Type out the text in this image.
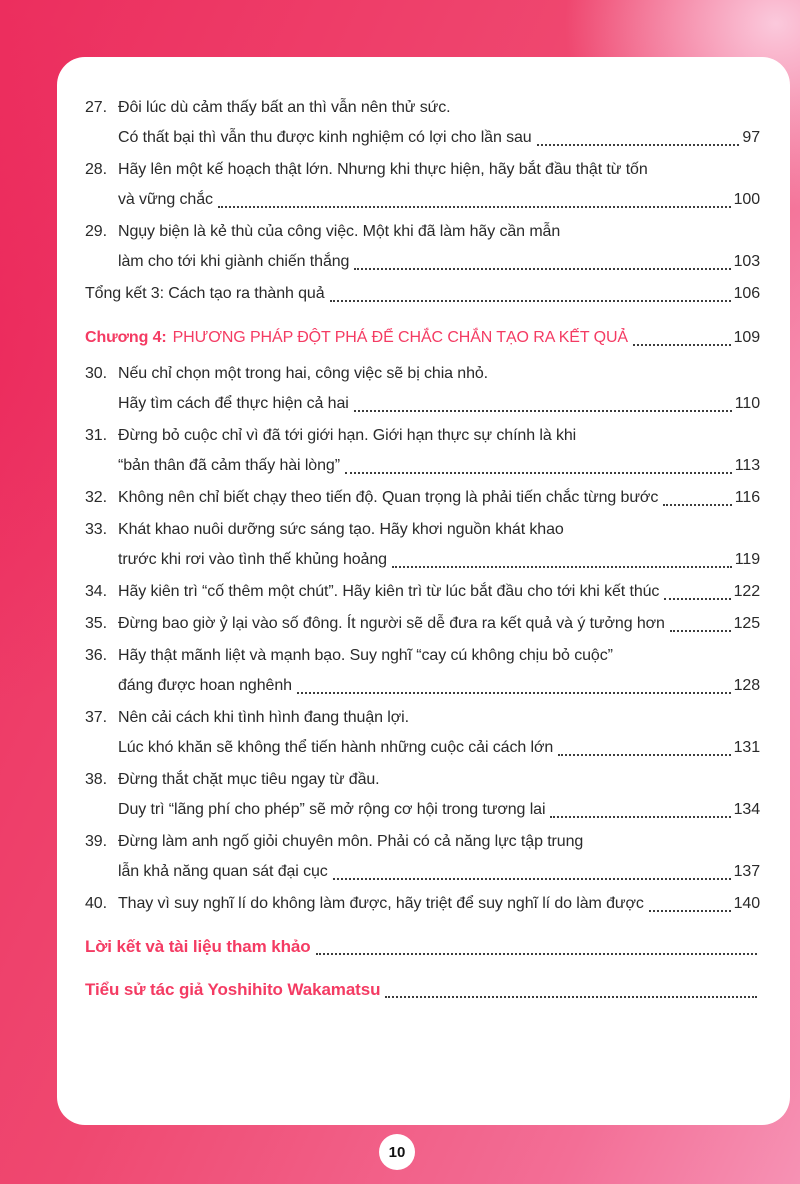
27. Đôi lúc dù cảm thấy bất an thì vẫn nên thử sức.
Có thất bại thì vẫn thu được kinh nghiệm có lợi cho lần sau	97
28. Hãy lên một kế hoạch thật lớn. Nhưng khi thực hiện, hãy bắt đầu thật từ tốn
và vững chắc	100
29. Ngụy biện là kẻ thù của công việc. Một khi đã làm hãy cần mẫn
làm cho tới khi giành chiến thắng	103
Tổng kết 3: Cách tạo ra thành quả	106
Chương 4: PHƯƠNG PHÁP ĐỘT PHÁ ĐỂ CHẮC CHẮN TẠO RA KẾT QUẢ	109
30. Nếu chỉ chọn một trong hai, công việc sẽ bị chia nhỏ.
Hãy tìm cách để thực hiện cả hai	110
31. Đừng bỏ cuộc chỉ vì đã tới giới hạn. Giới hạn thực sự chính là khi
“bản thân đã cảm thấy hài lòng”	113
32. Không nên chỉ biết chạy theo tiến độ. Quan trọng là phải tiến chắc từng bước	116
33. Khát khao nuôi dưỡng sức sáng tạo. Hãy khơi nguồn khát khao
trước khi rơi vào tình thế khủng hoảng	119
34. Hãy kiên trì “cố thêm một chút”. Hãy kiên trì từ lúc bắt đầu cho tới khi kết thúc	122
35. Đừng bao giờ ỷ lại vào số đông. Ít người sẽ dễ đưa ra kết quả và ý tưởng hơn	125
36. Hãy thật mãnh liệt và mạnh bạo. Suy nghĩ “cay cú không chịu bỏ cuộc”
đáng được hoan nghênh	128
37. Nên cải cách khi tình hình đang thuận lợi.
Lúc khó khăn sẽ không thể tiến hành những cuộc cải cách lớn	131
38. Đừng thắt chặt mục tiêu ngay từ đầu.
Duy trì “lãng phí cho phép” sẽ mở rộng cơ hội trong tương lai	134
39. Đừng làm anh ngố giỏi chuyên môn. Phải có cả năng lực tập trung
lẫn khả năng quan sát đại cục	137
40. Thay vì suy nghĩ lí do không làm được, hãy triệt để suy nghĩ lí do làm được	140
Lời kết và tài liệu tham khảo
Tiểu sử tác giả Yoshihito Wakamatsu
10
